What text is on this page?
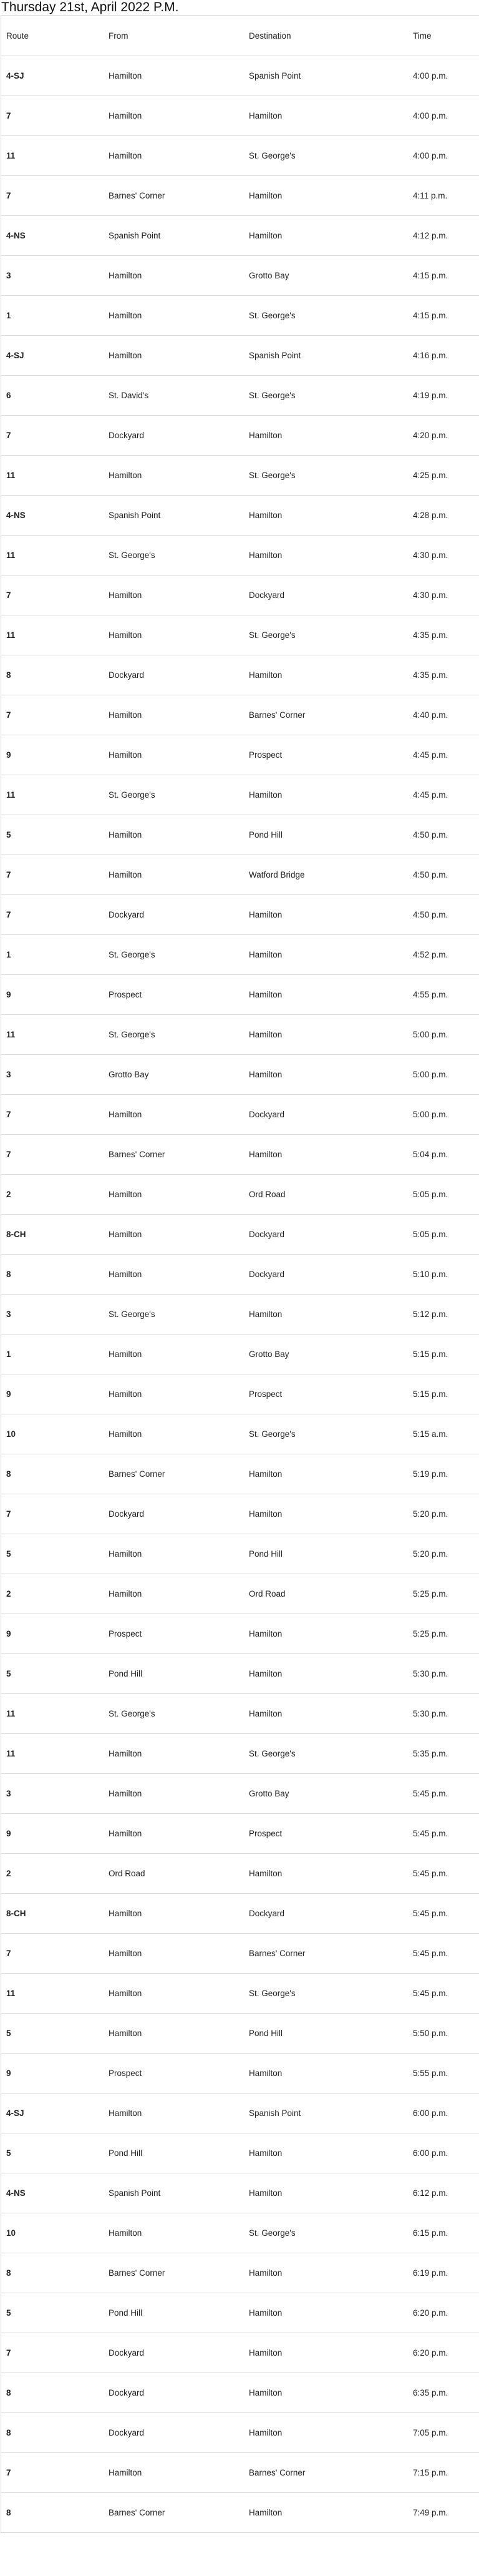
Thursday 21st, April 2022 P.M.
Route	From	Destination	Time
4-SJ	Hamilton	Spanish Point	4:00 p.m.
7	Hamilton	Hamilton	4:00 p.m.
11	Hamilton	St. George's	4:00 p.m.
7	Barnes' Corner	Hamilton	4:11 p.m.
4-NS	Spanish Point	Hamilton	4:12 p.m.
3	Hamilton	Grotto Bay	4:15 p.m.
1	Hamilton	St. George's	4:15 p.m.
4-SJ	Hamilton	Spanish Point	4:16 p.m.
6	St. David's	St. George's	4:19 p.m.
7	Dockyard	Hamilton	4:20 p.m.
11	Hamilton	St. George's	4:25 p.m.
4-NS	Spanish Point	Hamilton	4:28 p.m.
11	St. George's	Hamilton	4:30 p.m.
7	Hamilton	Dockyard	4:30 p.m.
11	Hamilton	St. George's	4:35 p.m.
8	Dockyard	Hamilton	4:35 p.m.
7	Hamilton	Barnes' Corner	4:40 p.m.
9	Hamilton	Prospect	4:45 p.m.
11	St. George's	Hamilton	4:45 p.m.
5	Hamilton	Pond Hill	4:50 p.m.
7	Hamilton	Watford Bridge	4:50 p.m.
7	Dockyard	Hamilton	4:50 p.m.
1	St. George's	Hamilton	4:52 p.m.
9	Prospect	Hamilton	4:55 p.m.
11	St. George's	Hamilton	5:00 p.m.
3	Grotto Bay	Hamilton	5:00 p.m.
7	Hamilton	Dockyard	5:00 p.m.
7	Barnes' Corner	Hamilton	5:04 p.m.
2	Hamilton	Ord Road	5:05 p.m.
8-CH	Hamilton	Dockyard	5:05 p.m.
8	Hamilton	Dockyard	5:10 p.m.
3	St. George's	Hamilton	5:12 p.m.
1	Hamilton	Grotto Bay	5:15 p.m.
9	Hamilton	Prospect	5:15 p.m.
10	Hamilton	St. George's	5:15 a.m.
8	Barnes' Corner	Hamilton	5:19 p.m.
7	Dockyard	Hamilton	5:20 p.m.
5	Hamilton	Pond Hill	5:20 p.m.
2	Hamilton	Ord Road	5:25 p.m.
9	Prospect	Hamilton	5:25 p.m.
5	Pond Hill	Hamilton	5:30 p.m.
11	St. George's	Hamilton	5:30 p.m.
11	Hamilton	St. George's	5:35 p.m.
3	Hamilton	Grotto Bay	5:45 p.m.
9	Hamilton	Prospect	5:45 p.m.
2	Ord Road	Hamilton	5:45 p.m.
8-CH	Hamilton	Dockyard	5:45 p.m.
7	Hamilton	Barnes' Corner	5:45 p.m.
11	Hamilton	St. George's	5:45 p.m.
5	Hamilton	Pond Hill	5:50 p.m.
9	Prospect	Hamilton	5:55 p.m.
4-SJ	Hamilton	Spanish Point	6:00 p.m.
5	Pond Hill	Hamilton	6:00 p.m.
4-NS	Spanish Point	Hamilton	6:12 p.m.
10	Hamilton	St. George's	6:15 p.m.
8	Barnes' Corner	Hamilton	6:19 p.m.
5	Pond Hill	Hamilton	6:20 p.m.
7	Dockyard	Hamilton	6:20 p.m.
8	Dockyard	Hamilton	6:35 p.m.
8	Dockyard	Hamilton	7:05 p.m.
7	Hamilton	Barnes' Corner	7:15 p.m.
8	Barnes' Corner	Hamilton	7:49 p.m.
